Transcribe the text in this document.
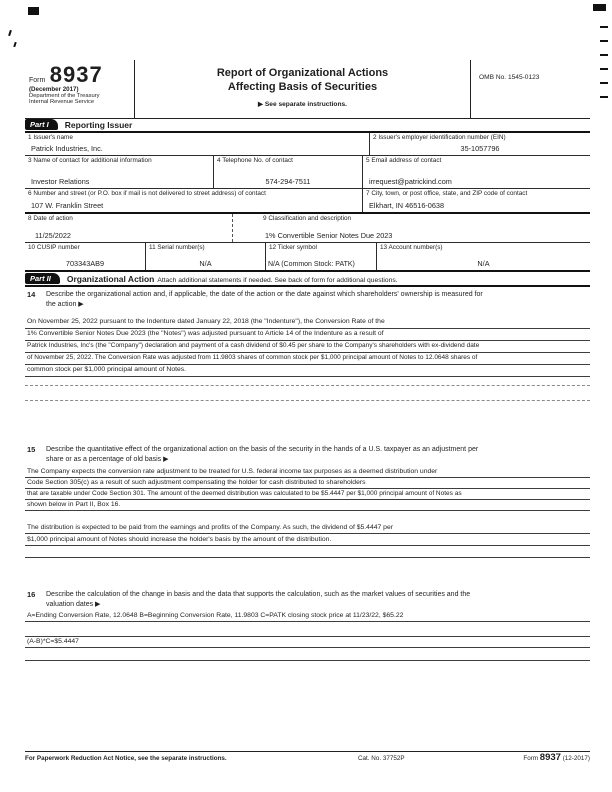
Form 8937
(December 2017)
Department of the Treasury
Internal Revenue Service
Report of Organizational Actions
Affecting Basis of Securities
▶ See separate instructions.
OMB No. 1545-0123
Part I	Reporting Issuer
1 Issuer's name
Patrick Industries, Inc.
2 Issuer's employer identification number (EIN)
35-1057796
3 Name of contact for additional information
Investor Relations
4 Telephone No. of contact
574-294-7511
5 Email address of contact
irrequest@patrickind.com
6 Number and street (or P.O. box if mail is not delivered to street address) of contact
107 W. Franklin Street
7 City, town, or post office, state, and ZIP code of contact
Elkhart, IN 46516-0638
8 Date of action
11/25/2022
9 Classification and description
1% Convertible Senior Notes Due 2023
10 CUSIP number
703343AB9
11 Serial number(s)
N/A
12 Ticker symbol
N/A (Common Stock: PATK)
13 Account number(s)
N/A
Part II	Organizational Action Attach additional statements if needed. See back of form for additional questions.
14 Describe the organizational action and, if applicable, the date of the action or the date against which shareholders' ownership is measured for
the action ▶
On November 25, 2022 pursuant to the Indenture dated January 22, 2018 (the "Indenture"), the Conversion Rate of the
1% Convertible Senior Notes Due 2023 (the "Notes") was adjusted pursuant to Article 14 of the Indenture as a result of
Patrick Industries, Inc's (the "Company") declaration and payment of a cash dividend of $0.45 per share to the Company's shareholders with ex-dividend date
of November 25, 2022. The Conversion Rate was adjusted from 11.9803 shares of common stock per $1,000 principal amount of Notes to 12.0648 shares of
common stock per $1,000 principal amount of Notes.
15 Describe the quantitative effect of the organizational action on the basis of the security in the hands of a U.S. taxpayer as an adjustment per
share or as a percentage of old basis ▶
The Company expects the conversion rate adjustment to be treated for U.S. federal income tax purposes as a deemed distribution under
Code Section 305(c) as a result of such adjustment compensating the holder for cash distributed to shareholders
that are taxable under Code Section 301. The amount of the deemed distribution was calculated to be $5.4447 per $1,000 principal amount of Notes as
shown below in Part II, Box 16.
The distribution is expected to be paid from the earnings and profits of the Company. As such, the dividend of $5.4447 per
$1,000 principal amount of Notes should increase the holder's basis by the amount of the distribution.
16 Describe the calculation of the change in basis and the data that supports the calculation, such as the market values of securities and the
valuation dates ▶
A=Ending Conversion Rate, 12.0648 B=Beginning Conversion Rate, 11.9803 C=PATK closing stock price at 11/23/22, $65.22
(A-B)*C=$5.4447
For Paperwork Reduction Act Notice, see the separate instructions.	Cat. No. 37752P	Form 8937 (12-2017)
